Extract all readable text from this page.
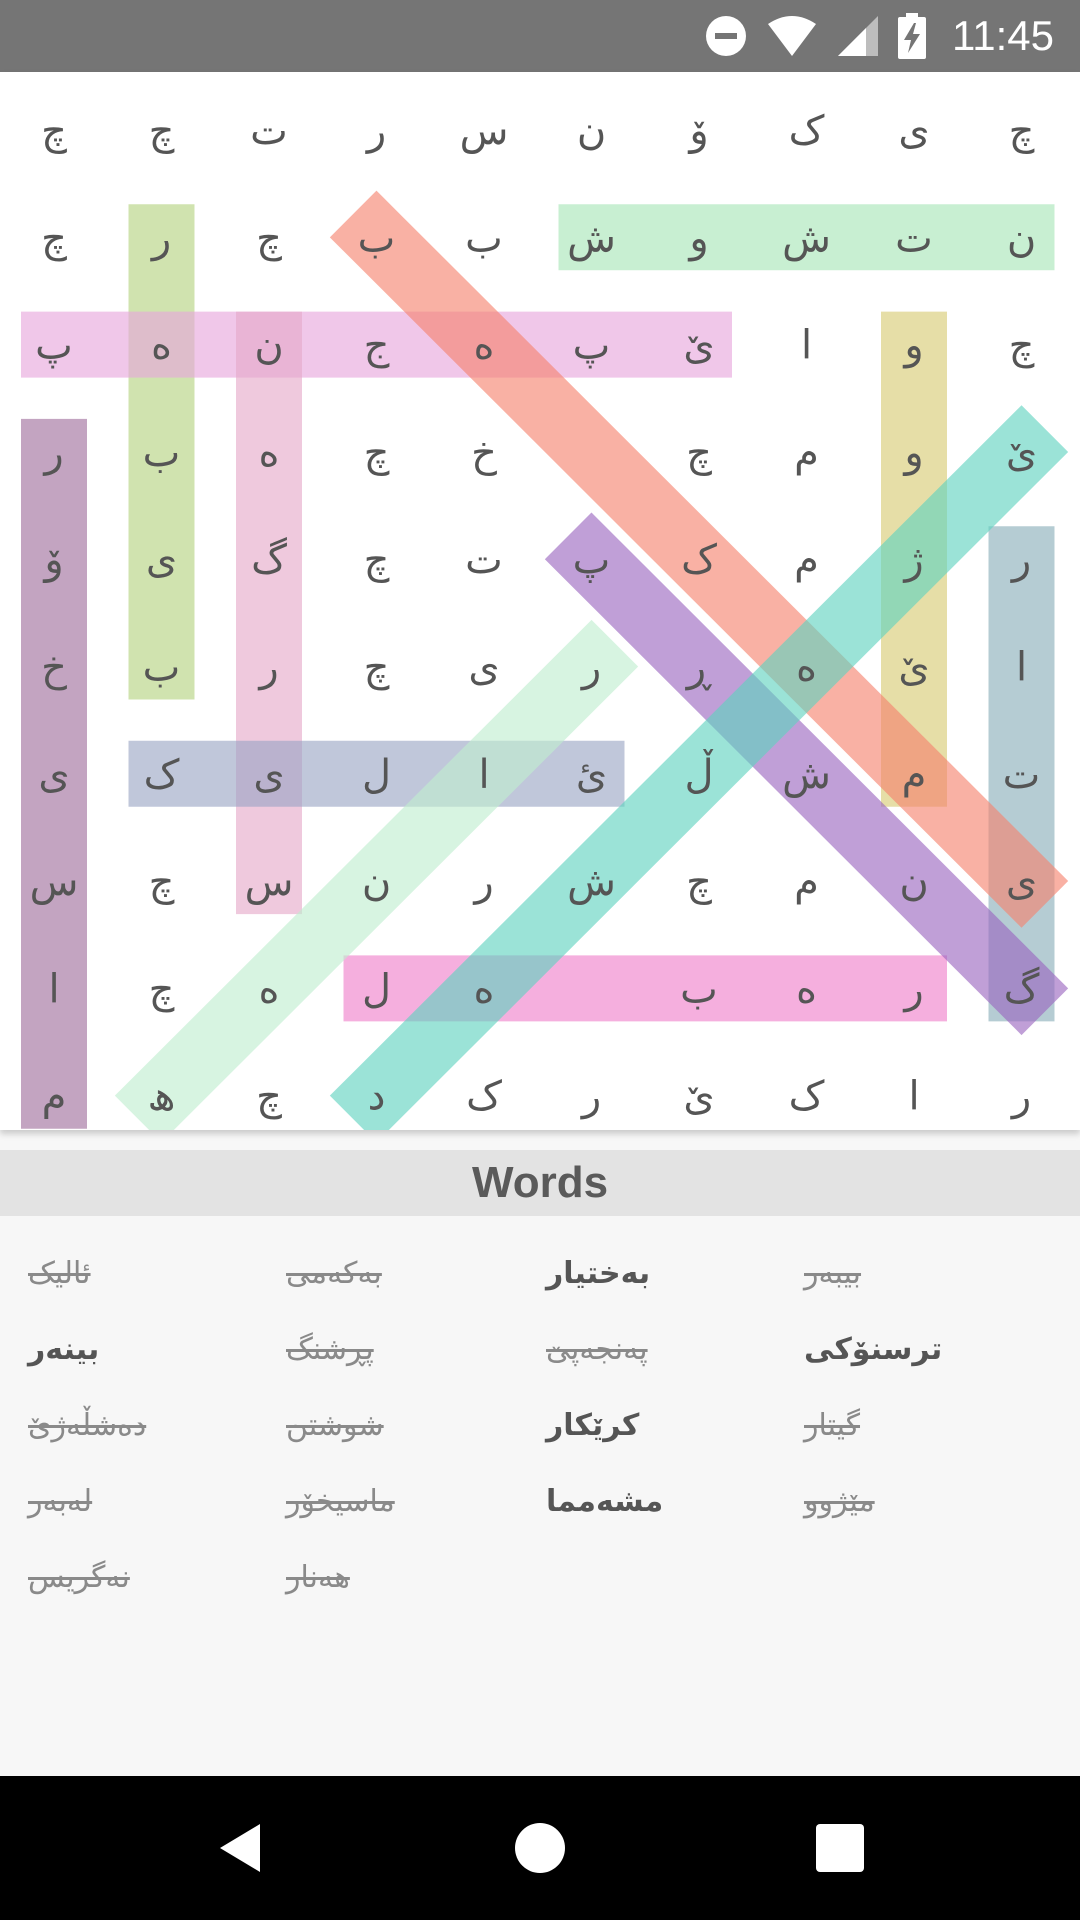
11:45
چ چ ت ر س ن ۆ ک ی چ
چ ر چ ب ب ش و ش ت ن
پ ە ن ج ە پ ێ ا و چ
ر ب ە چ خ	چ م و ێ
ۆ ی گ چ ت پ ک م ژ ر
خ ب ر چ ی ر ڕ ە ێ ا
ی ک ی ل ا ئ ڵ ش م ت
س چ س ن ر ش چ م ن ی
ا چ ە ل ە	ب ە ر گ
م ھ چ د ک ر ێ ک ا ر
Words
ئالیک	بەکەمی	بەختیار	بیبەر
بینەر	پڕشنگ	پەنجەپێ	ترسنۆکی
دەشڵەژێ	شوشتن	کرێکار	گیتار
لەبەر	ماسیخۆر	مشەمما	مێژوو
نەگریس	هەنار
